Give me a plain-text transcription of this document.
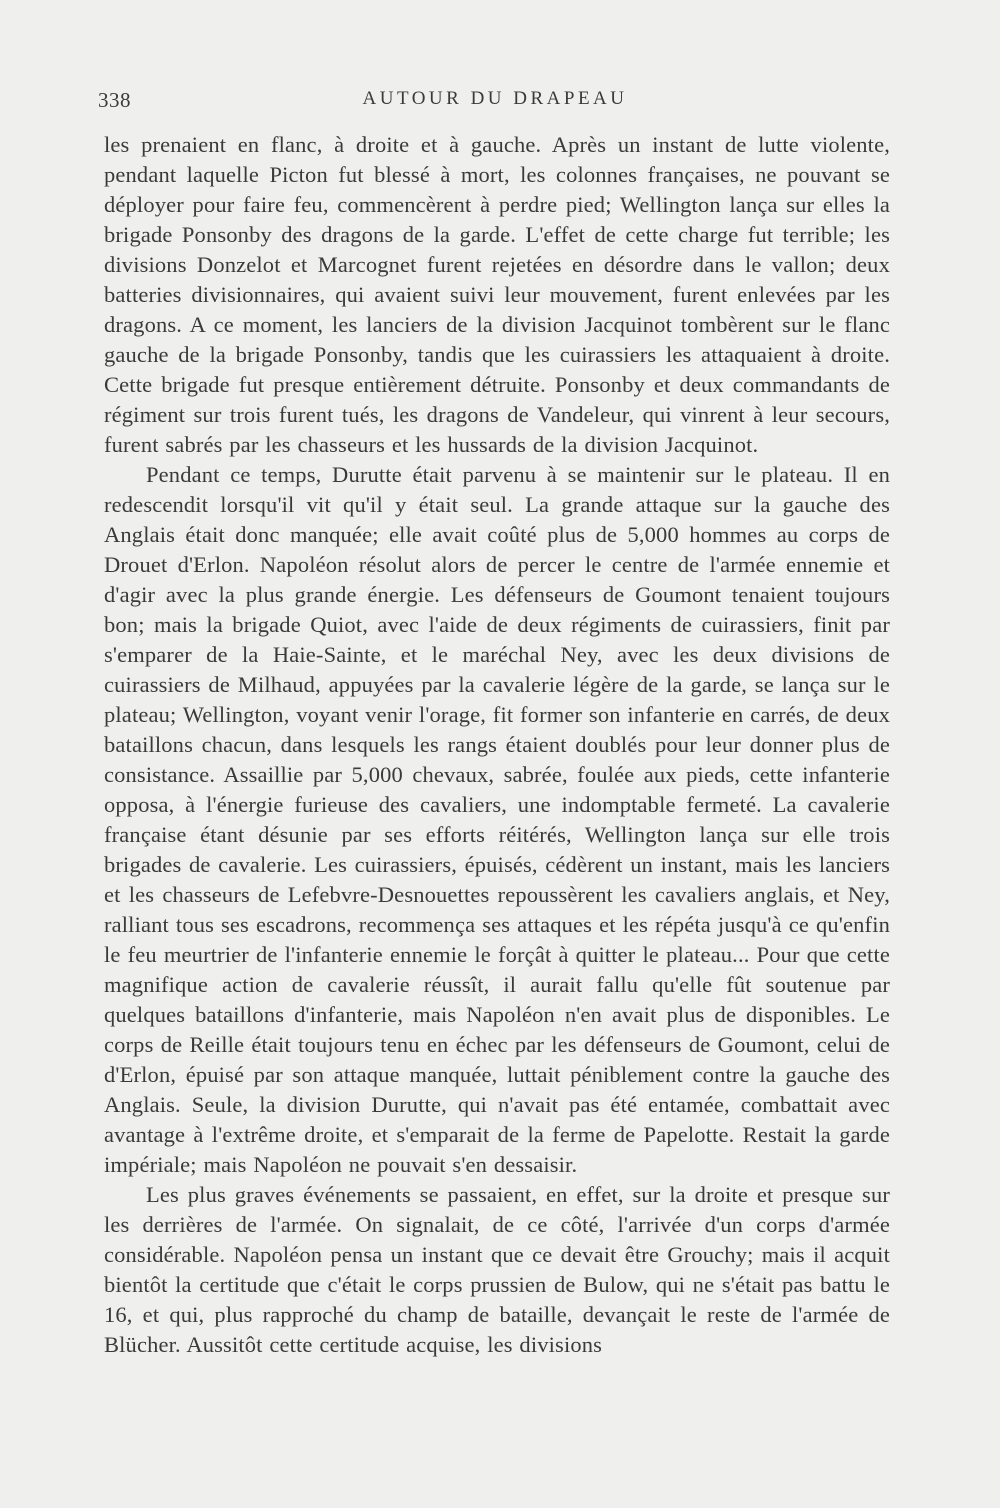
338	AUTOUR DU DRAPEAU

les prenaient en flanc, à droite et à gauche. Après un instant de lutte violente, pendant laquelle Picton fut blessé à mort, les colonnes françaises, ne pouvant se déployer pour faire feu, commencèrent à perdre pied; Wellington lança sur elles la brigade Ponsonby des dragons de la garde. L'effet de cette charge fut terrible; les divisions Donzelot et Marcognet furent rejetées en désordre dans le vallon; deux batteries divisionnaires, qui avaient suivi leur mouvement, furent enlevées par les dragons. A ce moment, les lanciers de la division Jacquinot tombèrent sur le flanc gauche de la brigade Ponsonby, tandis que les cuirassiers les attaquaient à droite. Cette brigade fut presque entièrement détruite. Ponsonby et deux commandants de régiment sur trois furent tués, les dragons de Vandeleur, qui vinrent à leur secours, furent sabrés par les chasseurs et les hussards de la division Jacquinot.

Pendant ce temps, Durutte était parvenu à se maintenir sur le plateau. Il en redescendit lorsqu'il vit qu'il y était seul. La grande attaque sur la gauche des Anglais était donc manquée; elle avait coûté plus de 5,000 hommes au corps de Drouet d'Erlon. Napoléon résolut alors de percer le centre de l'armée ennemie et d'agir avec la plus grande énergie. Les défenseurs de Goumont tenaient toujours bon; mais la brigade Quiot, avec l'aide de deux régiments de cuirassiers, finit par s'emparer de la Haie-Sainte, et le maréchal Ney, avec les deux divisions de cuirassiers de Milhaud, appuyées par la cavalerie légère de la garde, se lança sur le plateau; Wellington, voyant venir l'orage, fit former son infanterie en carrés, de deux bataillons chacun, dans lesquels les rangs étaient doublés pour leur donner plus de consistance. Assaillie par 5,000 chevaux, sabrée, foulée aux pieds, cette infanterie opposa, à l'énergie furieuse des cavaliers, une indomptable fermeté. La cavalerie française étant désunie par ses efforts réitérés, Wellington lança sur elle trois brigades de cavalerie. Les cuirassiers, épuisés, cédèrent un instant, mais les lanciers et les chasseurs de Lefebvre-Desnouettes repoussèrent les cavaliers anglais, et Ney, ralliant tous ses escadrons, recommença ses attaques et les répéta jusqu'à ce qu'enfin le feu meurtrier de l'infanterie ennemie le forçât à quitter le plateau... Pour que cette magnifique action de cavalerie réussît, il aurait fallu qu'elle fût soutenue par quelques bataillons d'infanterie, mais Napoléon n'en avait plus de disponibles. Le corps de Reille était toujours tenu en échec par les défenseurs de Goumont, celui de d'Erlon, épuisé par son attaque manquée, luttait péniblement contre la gauche des Anglais. Seule, la division Durutte, qui n'avait pas été entamée, combattait avec avantage à l'extrême droite, et s'emparait de la ferme de Papelotte. Restait la garde impériale; mais Napoléon ne pouvait s'en dessaisir.

Les plus graves événements se passaient, en effet, sur la droite et presque sur les derrières de l'armée. On signalait, de ce côté, l'arrivée d'un corps d'armée considérable. Napoléon pensa un instant que ce devait être Grouchy; mais il acquit bientôt la certitude que c'était le corps prussien de Bulow, qui ne s'était pas battu le 16, et qui, plus rapproché du champ de bataille, devançait le reste de l'armée de Blücher. Aussitôt cette certitude acquise, les divisions
